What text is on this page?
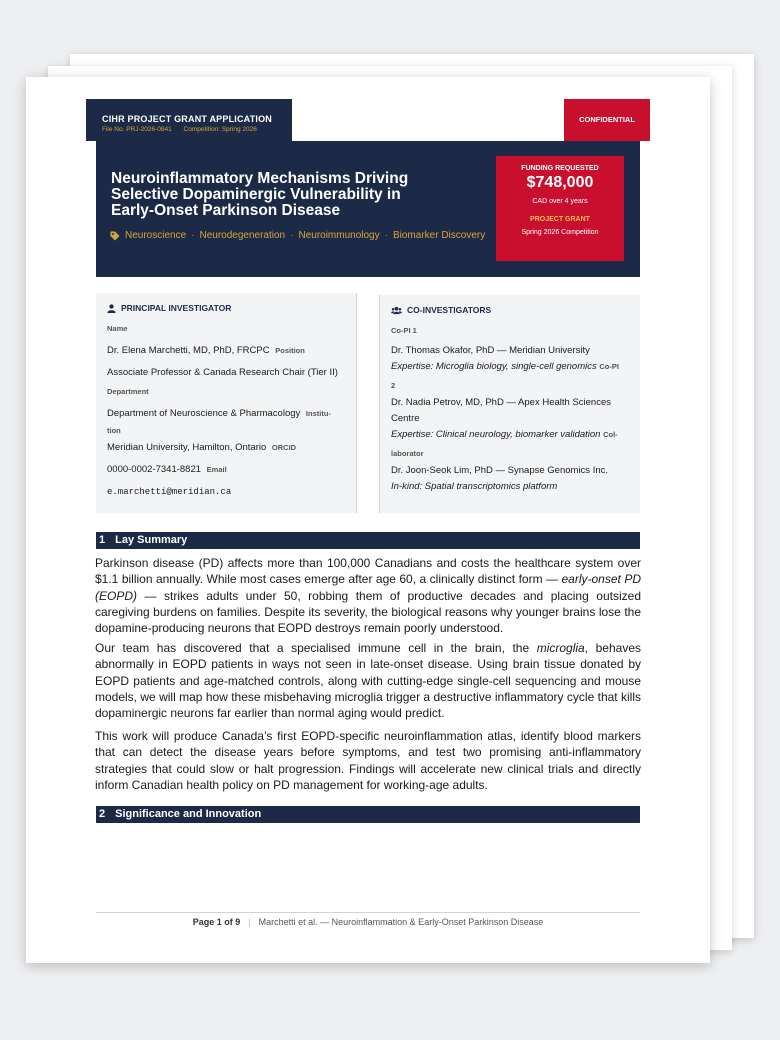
CIHR PROJECT GRANT APPLICATION
File No. PRJ-2026-0841 Competition: Spring 2026
CONFIDENTIAL
Neuroinflammatory Mechanisms Driving Selective Dopaminergic Vulnerability in Early-Onset Parkinson Disease
Neuroscience · Neurodegeneration · Neuroimmunology · Biomarker Discovery
FUNDING REQUESTED
$748,000
CAD over 4 years
PROJECT GRANT
Spring 2026 Competition
PRINCIPAL INVESTIGATOR
Name
Dr. Elena Marchetti, MD, PhD, FRCPC Position
Associate Professor & Canada Research Chair (Tier II)
Department
Department of Neuroscience & Pharmacology Institu-
tion
Meridian University, Hamilton, Ontario ORCID
0000-0002-7341-8821 Email
e.marchetti@meridian.ca
CO-INVESTIGATORS
Co-PI 1
Dr. Thomas Okafor, PhD — Meridian University
Expertise: Microglia biology, single-cell genomics Co-PI
2
Dr. Nadia Petrov, MD, PhD — Apex Health Sciences Centre
Expertise: Clinical neurology, biomarker validation Col-
laborator
Dr. Joon-Seok Lim, PhD — Synapse Genomics Inc.
In-kind: Spatial transcriptomics platform
1 Lay Summary

Parkinson disease (PD) affects more than 100,000 Canadians and costs the healthcare system over $1.1 billion annually. While most cases emerge after age 60, a clinically distinct form — early-onset PD (EOPD) — strikes adults under 50, robbing them of productive decades and placing outsized caregiving burdens on families. Despite its severity, the biological reasons why younger brains lose the dopamine-producing neurons that EOPD destroys remain poorly understood.

Our team has discovered that a specialised immune cell in the brain, the microglia, behaves abnormally in EOPD patients in ways not seen in late-onset disease. Using brain tissue donated by EOPD patients and age-matched controls, along with cutting-edge single-cell sequencing and mouse models, we will map how these misbehaving microglia trigger a destructive inflammatory cycle that kills dopaminergic neurons far earlier than normal aging would predict.

This work will produce Canada’s first EOPD-specific neuroinflammation atlas, identify blood markers that can detect the disease years before symptoms, and test two promising anti-inflammatory strategies that could slow or halt progression. Findings will accelerate new clinical trials and directly inform Canadian health policy on PD management for working-age adults.

2 Significance and Innovation
Page 1 of 9 | Marchetti et al. — Neuroinflammation & Early-Onset Parkinson Disease
